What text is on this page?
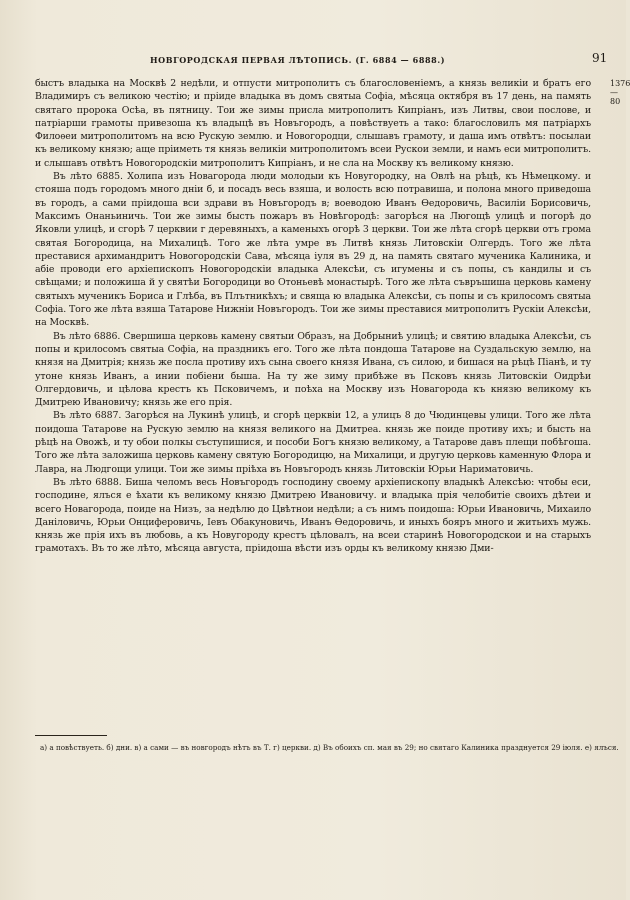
НОВГОРОДСКАЯ ПЕРВАЯ ЛѢТОПИСЬ. (Г. 6884 — 6888.)	91
1376
— 80

быстъ владыка на Москвѣ 2 недѣли, и отпусти митрополитъ съ благословенiемъ, а князь великiи и братъ его Владимиръ съ великою честiю; и прiиде владыка въ домъ святыа Софiа, мѣсяца октября въ 17 день, на память святаго пророка Осѣа, въ пятницу. Тои же зимы присла митрополитъ Кипрiанъ, изъ Литвы, свои послове, и патрiарши грамоты привезоша къ владыцѣ въ Новъгородъ, а повѣствуеть а тако: благословилъ мя патрiархъ Филоѳеи митрополитомъ на всю Рускую землю. и Новогородци, слышавъ грамоту, и даша имъ отвѣтъ: посылаи къ великому князю; аще прiиметь тя князь великiи митрополитомъ всеи Рускои земли, и намъ еси митрополитъ. и слышавъ отвѣтъ Новогородскiи митрополитъ Кипрiанъ, и не сла на Москву къ великому князю.

Въ лѣто 6885. Холипа изъ Новагорода люди молодыи къ Новугородку, на Овлѣ на рѣцѣ, къ Нѣмецкому. и стояша подъ городомъ много днiи б, и посадъ весь взяша, и волость всю потравиша, и полона много приведоша въ городъ, а сами прiидоша вси здрави въ Новъгородъ в; воеводою Иванъ Ѳедоровичь, Василiи Борисовичь, Максимъ Онаньиничь. Тои же зимы бысть пожаръ въ Новѣгородѣ: загорѣся на Люгощѣ улицѣ и погорѣ до Яковли улицѣ, и сгорѣ 7 церквии г деревяныхъ, а каменыхъ огорѣ 3 церкви. Тои же лѣта сгорѣ церкви отъ грома святая Богородица, на Михалицѣ. Того же лѣта умре въ Литвѣ князь Литовскiи Олгердъ. Того же лѣта преставися архимандритъ Новогородскiи Сава, мѣсяца iуля въ 29 д, на память святаго мученика Калиника, и абiе проводи его архiепископъ Новогородскiи владыка Алексѣи, съ игумены и съ попы, съ кандилы и съ свѣщами; и положиша й у святѣи Богородици во Отоньевѣ монастырѣ. Того же лѣта съвръшиша церковь камену святыхъ мученикъ Бориса и Глѣба, въ Плътникѣхъ; и свяща ю владыка Алексѣи, съ попы и съ крилосомъ святыа Софiа. Того же лѣта взяша Татарове Нижнiи Новъгородъ. Тои же зимы преставися митрополитъ Рускiи Алексѣи, на Москвѣ.

Въ лѣто 6886. Свершиша церковь камену святыи Образъ, на Добрыниѣ улицѣ; и святию владыка Алексѣи, съ попы и крилосомъ святыа Софiа, на праздникъ его. Того же лѣта пондоша Татарове на Суздальскую землю, на князя на Дмитрiя; князь же посла противу ихъ сына своего князя Ивана, съ силою, и бишася на рѣцѣ Пiанѣ, и ту утоне князь Иванъ, а инии побiени быша. На ту же зиму прибѣже въ Псковъ князь Литовскiи Оидрѣи Олгердовичь, и цѣлова крестъ къ Псковичемъ, и поѣха на Москву изъ Новагорода къ князю великому къ Дмитрею Ивановичу; князь же его прiя.

Въ лѣто 6887. Загорѣся на Лукинѣ улицѣ, и сгорѣ церквiи 12, а улицъ 8 до Чюдинцевы улици. Того же лѣта поидоша Татарове на Рускую землю на князя великого на Дмитреа. князь же поиде противу ихъ; и бысть на рѣцѣ на Овожѣ, и ту обои полкы съступишися, и пособи Богъ князю великому, а Татарове давъ плещи побѣгоша. Того же лѣта заложиша церковь камену святую Богородицю, на Михалици, и другую церковь каменную Флора и Лавра, на Людгощи улици. Тои же зимы прiѣха въ Новъгородъ князь Литовскiи Юрьи Нариматовичь.

Въ лѣто 6888. Биша челомъ весь Новъгородъ господину своему архiепископу владыкѣ Алексѣю: чтобы еси, господине, ялъся е ѣхати къ великому князю Дмитрею Ивановичу. и владыка прiя челобитiе своихъ дѣтеи и всего Новагорода, поиде на Низъ, за недѣлю до Цвѣтнои недѣли; а съ нимъ поидоша: Юрьи Ивановичь, Михаило Данiловичь, Юрьи Онциферовичь, Iевъ Обакуновичь, Иванъ Ѳедоровичь, и иныхъ бояръ много и житьихъ мужь. князь же прiя ихъ въ любовь, а къ Новугороду крестъ цѣловалъ, на всеи старинѣ Новогородскои и на старыхъ грамотахъ. Въ то же лѣто, мѣсяца августа, прiидоша вѣсти изъ орды къ великому князю Дми-

а) а повѣствуеть. б) дни. в) а сами — въ новгородъ нѣтъ въ Т. г) церкви. д) Въ обоихъ сп. мая въ 29; но святаго Калиника празднуется 29 iюля. е) ялъся.
